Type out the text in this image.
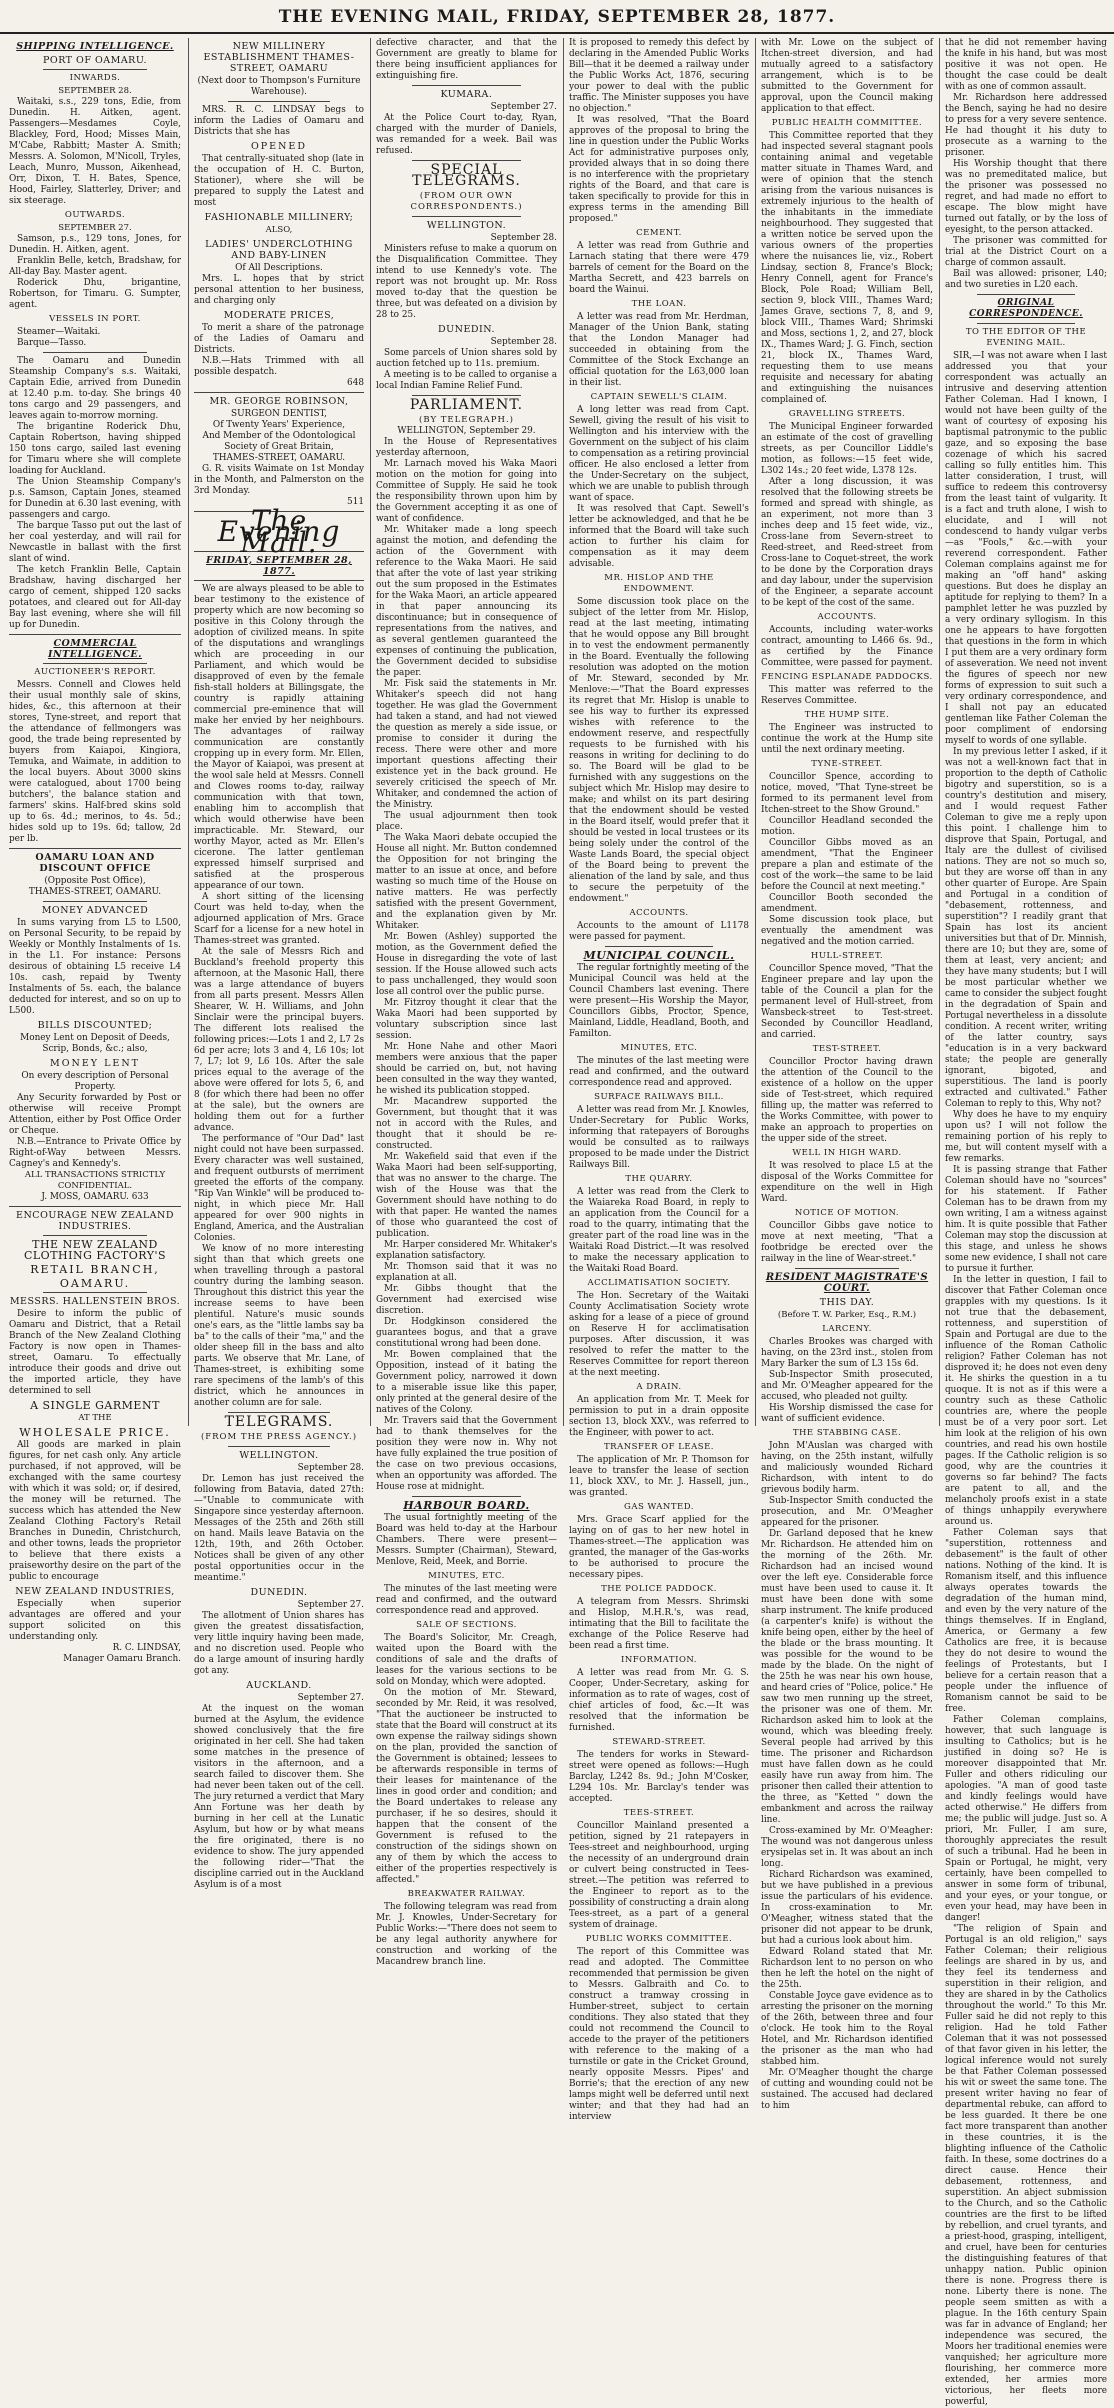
THE EVENING MAIL, FRIDAY, SEPTEMBER 28, 1877.
SHIPPING INTELLIGENCE.
PORT OF OAMARU.
INWARDS.
SEPTEMBER 28.

Waitaki, s.s., 229 tons, Edie, from Dunedin. H. Aitken, agent. Passengers—Mesdames Coyle, Blackley, Ford, Hood; Misses Main, M'Cabe, Rabbitt; Master A. Smith; Messrs. A. Solomon, M'Nicoll, Tryles, Leach, Munro, Musson, Aikenhead, Orr, Dixon, T. H. Bates, Spence, Hood, Fairley, Slatterley, Driver; and six steerage.

OUTWARDS.
SEPTEMBER 27.

Samson, p.s., 129 tons, Jones, for Dunedin. H. Aitken, agent.

Franklin Belle, ketch, Bradshaw, for All-day Bay. Master agent.

Roderick Dhu, brigantine, Robertson, for Timaru. G. Sumpter, agent.

VESSELS IN PORT.

Steamer—Waitaki.

Barque—Tasso.

The Oamaru and Dunedin Steamship Company's s.s. Waitaki, Captain Edie, arrived from Dunedin at 12.40 p.m. to-day. She brings 40 tons cargo and 29 passengers, and leaves again to-morrow morning.

The brigantine Roderick Dhu, Captain Robertson, having shipped 150 tons cargo, sailed last evening for Timaru where she will complete loading for Auckland.

The Union Steamship Company's p.s. Samson, Captain Jones, steamed for Dunedin at 6.30 last evening, with passengers and cargo.

The barque Tasso put out the last of her coal yesterday, and will rail for Newcastle in ballast with the first slant of wind.

The ketch Franklin Belle, Captain Bradshaw, having discharged her cargo of cement, shipped 120 sacks potatoes, and cleared out for All-day Bay last evening, where she will fill up for Dunedin.

COMMERCIAL INTELLIGENCE.
AUCTIONEER'S REPORT.

Messrs. Connell and Clowes held their usual monthly sale of skins, hides, &c., this afternoon at their stores, Tyne-street, and report that the attendance of fellmongers was good, the trade being represented by buyers from Kaiapoi, Kingiora, Temuka, and Waimate, in addition to the local buyers. About 3000 skins were catalogued, about 1700 being butchers', the balance station and farmers' skins. Half-bred skins sold up to 6s. 4d.; merinos, to 4s. 5d.; hides sold up to 19s. 6d; tallow, 2d per lb.

OAMARU LOAN AND DISCOUNT OFFICE
(Opposite Post Office),
THAMES-STREET, OAMARU.
MONEY ADVANCED

In sums varying from L5 to L500, on Personal Security, to be repaid by Weekly or Monthly Instalments of 1s. in the L1. For instance: Persons desirous of obtaining L5 receive L4 10s. cash, repaid by Twenty Instalments of 5s. each, the balance deducted for interest, and so on up to L500.

BILLS DISCOUNTED;
Money Lent on Deposit of Deeds, Scrip, Bonds, &c.; also,
MONEY LENT
On every description of Personal Property.

Any Security forwarded by Post or otherwise will receive Prompt Attention, either by Post Office Order or Cheque.

N.B.—Entrance to Private Office by Right-of-Way between Messrs. Cagney's and Kennedy's.

ALL TRANSACTIONS STRICTLY CONFIDENTIAL.
J. MOSS, OAMARU. 633
ENCOURAGE NEW ZEALAND INDUSTRIES.
THE NEW ZEALAND CLOTHING FACTORY'S
RETAIL BRANCH,
OAMARU.
MESSRS. HALLENSTEIN BROS.

Desire to inform the public of Oamaru and District, that a Retail Branch of the New Zealand Clothing Factory is now open in Thames-street, Oamaru. To effectually introduce their goods and drive out the imported article, they have determined to sell

A SINGLE GARMENT
AT THE
WHOLESALE PRICE.

All goods are marked in plain figures, for net cash only. Any article purchased, if not approved, will be exchanged with the same courtesy with which it was sold; or, if desired, the money will be returned. The success which has attended the New Zealand Clothing Factory's Retail Branches in Dunedin, Christchurch, and other towns, leads the proprietor to believe that there exists a praiseworthy desire on the part of the public to encourage

NEW ZEALAND INDUSTRIES,

Especially when superior advantages are offered and your support solicited on this understanding only.

R. C. LINDSAY,
Manager Oamaru Branch.
NEW MILLINERY ESTABLISHMENT THAMES-STREET, OAMARU
(Next door to Thompson's Furniture Warehouse).

MRS. R. C. LINDSAY begs to inform the Ladies of Oamaru and Districts that she has

OPENED

That centrally-situated shop (late in the occupation of H. C. Burton, Stationer), where she will be prepared to supply the Latest and most

FASHIONABLE MILLINERY;
ALSO,
LADIES' UNDERCLOTHING AND BABY-LINEN
Of All Descriptions.

Mrs. L. hopes that by strict personal attention to her business, and charging only

MODERATE PRICES,

To merit a share of the patronage of the Ladies of Oamaru and Districts.

N.B.—Hats Trimmed with all possible despatch.

648
MR. GEORGE ROBINSON,
SURGEON DENTIST,
Of Twenty Years' Experience,
And Member of the Odontological Society of Great Britain,
THAMES-STREET, OAMARU.

G. R. visits Waimate on 1st Monday in the Month, and Palmerston on the 3rd Monday.

511
The Evening Mail.
FRIDAY, SEPTEMBER 28, 1877.

We are always pleased to be able to bear testimony to the existence of property which are now becoming so positive in this Colony through the adoption of civilized means. In spite of the disputations and wranglings which are proceeding in our Parliament, and which would be disapproved of even by the female fish-stall holders at Billingsgate, the country is rapidly attaining commercial pre-eminence that will make her envied by her neighbours. The advantages of railway communication are constantly cropping up in every form. Mr. Ellen, the Mayor of Kaiapoi, was present at the wool sale held at Messrs. Connell and Clowes rooms to-day, railway communication with that town, enabling him to accomplish that which would otherwise have been impracticable. Mr. Steward, our worthy Mayor, acted as Mr. Ellen's cicerone. The latter gentleman expressed himself surprised and satisfied at the prosperous appearance of our town.

A short sitting of the licensing Court was held to-day, when the adjourned application of Mrs. Grace Scarf for a license for a new hotel in Thames-street was granted.

At the sale of Messrs Rich and Buckland's freehold property this afternoon, at the Masonic Hall, there was a large attendance of buyers from all parts present. Messrs Allen Shearer, W. H. Williams, and John Sinclair were the principal buyers. The different lots realised the following prices:—Lots 1 and 2, L7 2s 6d per acre; lots 3 and 4, L6 10s; lot 7, L7; lot 9, L6 10s. After the sale prices equal to the average of the above were offered for lots 5, 6, and 8 (for which there had been no offer at the sale), but the owners are holding them out for a further advance.

The performance of "Our Dad" last night could not have been surpassed. Every character was well sustained, and frequent outbursts of merriment greeted the efforts of the company. "Rip Van Winkle" will be produced to-night, in which piece Mr. Hall appeared for over 900 nights in England, America, and the Australian Colonies.

We know of no more interesting sight than that which greets one when travelling through a pastoral country during the lambing season. Throughout this district this year the increase seems to have been plentiful. Nature's music sounds one's ears, as the "little lambs say ba ba" to the calls of their "ma," and the older sheep fill in the bass and alto parts. We observe that Mr. Lane, of Thames-street, is exhibiting some rare specimens of the lamb's of this district, which he announces in another column are for sale.

TELEGRAMS.
(FROM THE PRESS AGENCY.)
WELLINGTON.
September 28.

Dr. Lemon has just received the following from Batavia, dated 27th:—"Unable to communicate with Singapore since yesterday afternoon. Messages of the 25th and 26th still on hand. Mails leave Batavia on the 12th, 19th, and 26th October. Notices shall be given of any other postal opportunities occur in the meantime."

DUNEDIN.
September 27.

The allotment of Union shares has given the greatest dissatisfaction, very little inquiry having been made, and no discretion used. People who do a large amount of insuring hardly got any.

AUCKLAND.
September 27.

At the inquest on the woman burned at the Asylum, the evidence showed conclusively that the fire originated in her cell. She had taken some matches in the presence of visitors in the afternoon, and a search failed to discover them. She had never been taken out of the cell. The jury returned a verdict that Mary Ann Fortune was her death by burning in her cell at the Lunatic Asylum, but how or by what means the fire originated, there is no evidence to show. The jury appended the following rider—"That the discipline carried out in the Auckland Asylum is of a most

defective character, and that the Government are greatly to blame for there being insufficient appliances for extinguishing fire.

KUMARA.
September 27.

At the Police Court to-day, Ryan, charged with the murder of Daniels, was remanded for a week. Bail was refused.

SPECIAL TELEGRAMS.
(FROM OUR OWN CORRESPONDENTS.)
WELLINGTON.
September 28.

Ministers refuse to make a quorum on the Disqualification Committee. They intend to use Kennedy's vote. The report was not brought up. Mr. Ross moved to-day that the question be three, but was defeated on a division by 28 to 25.

DUNEDIN.
September 28.

Some parcels of Union shares sold by auction fetched up to 11s. premium.

A meeting is to be called to organise a local Indian Famine Relief Fund.

PARLIAMENT.
(BY TELEGRAPH.)
WELLINGTON, September 29.

In the House of Representatives yesterday afternoon,

Mr. Larnach moved his Waka Maori motion on the motion for going into Committee of Supply. He said he took the responsibility thrown upon him by the Government accepting it as one of want of confidence.

Mr. Whitaker made a long speech against the motion, and defending the action of the Government with reference to the Waka Maori. He said that after the vote of last year striking out the sum proposed in the Estimates for the Waka Maori, an article appeared in that paper announcing its discontinuance; but in consequence of representations from the natives, and as several gentlemen guaranteed the expenses of continuing the publication, the Government decided to subsidise the paper.

Mr. Fisk said the statements in Mr. Whitaker's speech did not hang together. He was glad the Government had taken a stand, and had not viewed the question as merely a side issue, or promise to consider it during the recess. There were other and more important questions affecting their existence yet in the back ground. He severely criticised the speech of Mr. Whitaker, and condemned the action of the Ministry.

The usual adjournment then took place.

The Waka Maori debate occupied the House all night. Mr. Button condemned the Opposition for not bringing the matter to an issue at once, and before wasting so much time of the House on native matters. He was perfectly satisfied with the present Government, and the explanation given by Mr. Whitaker.

Mr. Bowen (Ashley) supported the motion, as the Government defied the House in disregarding the vote of last session. If the House allowed such acts to pass unchallenged, they would soon lose all control over the public purse.

Mr. Fitzroy thought it clear that the Waka Maori had been supported by voluntary subscription since last session.

Mr. Hone Nahe and other Maori members were anxious that the paper should be carried on, but, not having been consulted in the way they wanted, he wished its publication stopped.

Mr. Macandrew supported the Government, but thought that it was not in accord with the Rules, and thought that it should be re-constructed.

Mr. Wakefield said that even if the Waka Maori had been self-supporting, that was no answer to the charge. The wish of the House was that the Government should have nothing to do with that paper. He wanted the names of those who guaranteed the cost of publication.

Mr. Harper considered Mr. Whitaker's explanation satisfactory.

Mr. Thomson said that it was no explanation at all.

Mr. Gibbs thought that the Government had exercised wise discretion.

Dr. Hodgkinson considered the guarantees bogus, and that a grave constitutional wrong had been done.

Mr. Bowen complained that the Opposition, instead of it bating the Government policy, narrowed it down to a miserable issue like this paper, only printed at the general desire of the natives of the Colony.

Mr. Travers said that the Government had to thank themselves for the position they were now in. Why not have fully explained the true position of the case on two previous occasions, when an opportunity was afforded. The House rose at midnight.

HARBOUR BOARD.

The usual fortnightly meeting of the Board was held to-day at the Harbour Chambers. There were present—Messrs. Sumpter (Chairman), Steward, Menlove, Reid, Meek, and Borrie.

MINUTES, ETC.

The minutes of the last meeting were read and confirmed, and the outward correspondence read and approved.

SALE OF SECTIONS.

The Board's Solicitor, Mr. Creagh, waited upon the Board with the conditions of sale and the drafts of leases for the various sections to be sold on Monday, which were adopted.

On the motion of Mr. Steward, seconded by Mr. Reid, it was resolved, "That the auctioneer be instructed to state that the Board will construct at its own expense the railway sidings shown on the plan, provided the sanction of the Government is obtained; lessees to be afterwards responsible in terms of their leases for maintenance of the lines in good order and condition; and the Board undertakes to release any purchaser, if he so desires, should it happen that the consent of the Government is refused to the construction of the sidings shown on any of them by which the access to either of the properties respectively is affected."

BREAKWATER RAILWAY.

The following telegram was read from Mr. J. Knowles, Under-Secretary for Public Works:—"There does not seem to be any legal authority anywhere for construction and working of the Macandrew branch line.

It is proposed to remedy this defect by declaring in the Amended Public Works Bill—that it be deemed a railway under the Public Works Act, 1876, securing your power to deal with the public traffic. The Minister supposes you have no objection."

It was resolved, "That the Board approves of the proposal to bring the line in question under the Public Works Act for administrative purposes only, provided always that in so doing there is no interference with the proprietary rights of the Board, and that care is taken specifically to provide for this in express terms in the amending Bill proposed."

CEMENT.

A letter was read from Guthrie and Larnach stating that there were 479 barrels of cement for the Board on the Martha Secrett, and 423 barrels on board the Wainui.

THE LOAN.

A letter was read from Mr. Herdman, Manager of the Union Bank, stating that the London Manager had succeeded in obtaining from the Committee of the Stock Exchange an official quotation for the L63,000 loan in their list.

CAPTAIN SEWELL'S CLAIM.

A long letter was read from Capt. Sewell, giving the result of his visit to Wellington and his interview with the Government on the subject of his claim to compensation as a retiring provincial officer. He also enclosed a letter from the Under-Secretary on the subject, which we are unable to publish through want of space.

It was resolved that Capt. Sewell's letter be acknowledged, and that he be informed that the Board will take such action to further his claim for compensation as it may deem advisable.

MR. HISLOP AND THE ENDOWMENT.

Some discussion took place on the subject of the letter from Mr. Hislop, read at the last meeting, intimating that he would oppose any Bill brought in to vest the endowment permanently in the Board. Eventually the following resolution was adopted on the motion of Mr. Steward, seconded by Mr. Menlove:—"That the Board expresses its regret that Mr. Hislop is unable to see his way to further its expressed wishes with reference to the endowment reserve, and respectfully requests to be furnished with his reasons in writing for declining to do so. The Board will be glad to be furnished with any suggestions on the subject which Mr. Hislop may desire to make; and whilst on its part desiring that the endowment should be vested in the Board itself, would prefer that it should be vested in local trustees or its being solely under the control of the Waste Lands Board, the special object of the Board being to prevent the alienation of the land by sale, and thus to secure the perpetuity of the endowment."

ACCOUNTS.

Accounts to the amount of L1178 were passed for payment.

MUNICIPAL COUNCIL.

The regular fortnightly meeting of the Municipal Council was held at the Council Chambers last evening. There were present—His Worship the Mayor, Councillors Gibbs, Proctor, Spence, Mainland, Liddle, Headland, Booth, and Familton.

MINUTES, ETC.

The minutes of the last meeting were read and confirmed, and the outward correspondence read and approved.

SURFACE RAILWAYS BILL.

A letter was read from Mr. J. Knowles, Under-Secretary for Public Works, informing that ratepayers of Boroughs would be consulted as to railways proposed to be made under the District Railways Bill.

THE QUARRY.

A letter was read from the Clerk to the Waiareka Road Board, in reply to an application from the Council for a road to the quarry, intimating that the greater part of the road line was in the Waitaki Road District.—It was resolved to make the necessary application to the Waitaki Road Board.

ACCLIMATISATION SOCIETY.

The Hon. Secretary of the Waitaki County Acclimatisation Society wrote asking for a lease of a piece of ground on Reserve H for acclimatisation purposes. After discussion, it was resolved to refer the matter to the Reserves Committee for report thereon at the next meeting.

A DRAIN.

An application from Mr. T. Meek for permission to put in a drain opposite section 13, block XXV., was referred to the Engineer, with power to act.

TRANSFER OF LEASE.

The application of Mr. P. Thomson for leave to transfer the lease of section 11, block XXV., to Mr. J. Hassell, jun., was granted.

GAS WANTED.

Mrs. Grace Scarf applied for the laying on of gas to her new hotel in Thames-street.—The application was granted, the manager of the Gas-works to be authorised to procure the necessary pipes.

THE POLICE PADDOCK.

A telegram from Messrs. Shrimski and Hislop, M.H.R.'s, was read, intimating that the Bill to facilitate the exchange of the Police Reserve had been read a first time.

INFORMATION.

A letter was read from Mr. G. S. Cooper, Under-Secretary, asking for information as to rate of wages, cost of chief articles of food, &c.—It was resolved that the information be furnished.

STEWARD-STREET.

The tenders for works in Steward-street were opened as follows:—Hugh Barclay, L242 8s. 9d.; John M'Cosker, L294 10s. Mr. Barclay's tender was accepted.

TEES-STREET.

Councillor Mainland presented a petition, signed by 21 ratepayers in Tees-street and neighbourhood, urging the necessity of an underground drain or culvert being constructed in Tees-street.—The petition was referred to the Engineer to report as to the possibility of constructing a drain along Tees-street, as a part of a general system of drainage.

PUBLIC WORKS COMMITTEE.

The report of this Committee was read and adopted. The Committee recommended that permission be given to Messrs. Galbraith and Co. to construct a tramway crossing in Humber-street, subject to certain conditions. They also stated that they could not recommend the Council to accede to the prayer of the petitioners with reference to the making of a turnstile or gate in the Cricket Ground, nearly opposite Messrs. Pipes' and Borrie's; that the erection of any new lamps might well be deferred until next winter; and that they had had an interview

with Mr. Lowe on the subject of Itchen-street diversion, and had mutually agreed to a satisfactory arrangement, which is to be submitted to the Government for approval, upon the Council making application to that effect.

PUBLIC HEALTH COMMITTEE.

This Committee reported that they had inspected several stagnant pools containing animal and vegetable matter situate in Thames Ward, and were of opinion that the stench arising from the various nuisances is extremely injurious to the health of the inhabitants in the immediate neighbourhood. They suggested that a written notice be served upon the various owners of the properties where the nuisances lie, viz., Robert Lindsay, section 8, France's Block; Henry Connell, agent for France's Block, Pole Road; William Bell, section 9, block VIII., Thames Ward; James Grave, sections 7, 8, and 9, block VIII., Thames Ward; Shrimski and Moss, sections 1, 2, and 27, block IX., Thames Ward; J. G. Finch, section 21, block IX., Thames Ward, requesting them to use means requisite and necessary for abating and extinguishing the nuisances complained of.

GRAVELLING STREETS.

The Municipal Engineer forwarded an estimate of the cost of gravelling streets, as per Councillor Liddle's motion, as follows:—15 feet wide, L302 14s.; 20 feet wide, L378 12s.

After a long discussion, it was resolved that the following streets be formed and spread with shingle, as an experiment, not more than 3 inches deep and 15 feet wide, viz., Cross-lane from Severn-street to Reed-street, and Reed-street from Cross-lane to Coquet-street, the work to be done by the Corporation drays and day labour, under the supervision of the Engineer, a separate account to be kept of the cost of the same.

ACCOUNTS.

Accounts, including water-works contract, amounting to L466 6s. 9d., as certified by the Finance Committee, were passed for payment.

FENCING ESPLANADE PADDOCKS.

This matter was referred to the Reserves Committee.

THE HUMP SITE.

The Engineer was instructed to continue the work at the Hump site until the next ordinary meeting.

TYNE-STREET.

Councillor Spence, according to notice, moved, "That Tyne-street be formed to its permanent level from Itchen-street to the Show Ground."

Councillor Headland seconded the motion.

Councillor Gibbs moved as an amendment, "That the Engineer prepare a plan and estimate of the cost of the work—the same to be laid before the Council at next meeting."

Councillor Booth seconded the amendment.

Some discussion took place, but eventually the amendment was negatived and the motion carried.

HULL-STREET.

Councillor Spence moved, "That the Engineer prepare and lay upon the table of the Council a plan for the permanent level of Hull-street, from Wansbeck-street to Test-street. Seconded by Councillor Headland, and carried.

TEST-STREET.

Councillor Proctor having drawn the attention of the Council to the existence of a hollow on the upper side of Test-street, which required filling up, the matter was referred to the Works Committee, with power to make an approach to properties on the upper side of the street.

WELL IN HIGH WARD.

It was resolved to place L5 at the disposal of the Works Committee for expenditure on the well in High Ward.

NOTICE OF MOTION.

Councillor Gibbs gave notice to move at next meeting, "That a footbridge be erected over the railway in the line of Wear-street."

RESIDENT MAGISTRATE'S COURT.
THIS DAY.
(Before T. W. Parker, Esq., R.M.)
LARCENY.

Charles Brookes was charged with having, on the 23rd inst., stolen from Mary Barker the sum of L3 15s 6d.

Sub-Inspector Smith prosecuted, and Mr. O'Meagher appeared for the accused, who pleaded not guilty.

His Worship dismissed the case for want of sufficient evidence.

THE STABBING CASE.

John M'Auslan was charged with having, on the 25th instant, wilfully and maliciously wounded Richard Richardson, with intent to do grievous bodily harm.

Sub-Inspector Smith conducted the prosecution, and Mr. O'Meagher appeared for the prisoner.

Dr. Garland deposed that he knew Mr. Richardson. He attended him on the morning of the 26th. Mr. Richardson had an incised wound over the left eye. Considerable force must have been used to cause it. It must have been done with some sharp instrument. The knife produced (a carpenter's knife) is without the knife being open, either by the heel of the blade or the brass mounting. It was possible for the wound to be made by the blade. On the night of the 25th he was near his own house, and heard cries of "Police, police." He saw two men running up the street, the prisoner was one of them. Mr. Richardson asked him to look at the wound, which was bleeding freely. Several people had arrived by this time. The prisoner and Richardson must have fallen down as he could easily have run away from him. The prisoner then called their attention to the three, as "Ketted " down the embankment and across the railway line.

Cross-examined by Mr. O'Meagher: The wound was not dangerous unless erysipelas set in. It was about an inch long.

Richard Richardson was examined, but we have published in a previous issue the particulars of his evidence. In cross-examination to Mr. O'Meagher, witness stated that the prisoner did not appear to be drunk, but had a curious look about him.

Edward Roland stated that Mr. Richardson lent to no person on who then he left the hotel on the night of the 25th.

Constable Joyce gave evidence as to arresting the prisoner on the morning of the 26th, between three and four o'clock. He took him to the Royal Hotel, and Mr. Richardson identified the prisoner as the man who had stabbed him.

Mr. O'Meagher thought the charge of cutting and wounding could not be sustained. The accused had declared to him

that he did not remember having the knife in his hand, but was most positive it was not open. He thought the case could be dealt with as one of common assault.

Mr. Richardson here addressed the Bench, saying he had no desire to press for a very severe sentence. He had thought it his duty to prosecute as a warning to the prisoner.

His Worship thought that there was no premeditated malice, but the prisoner was possessed no regret, and had made no effort to escape. The blow might have turned out fatally, or by the loss of eyesight, to the person attacked.

The prisoner was committed for trial at the District Court on a charge of common assault.

Bail was allowed: prisoner, L40; and two sureties in L20 each.

ORIGINAL CORRESPONDENCE.
TO THE EDITOR OF THE EVENING MAIL.

SIR,—I was not aware when I last addressed you that your correspondent was actually an intrusive and deserving attention Father Coleman. Had I known, I would not have been guilty of the want of courtesy of exposing his baptismal patronymic to the public gaze, and so exposing the base cozenage of which his sacred calling so fully entitles him. This latter consideration, I trust, will suffice to redeem this controversy from the least taint of vulgarity. It is a fact and truth alone, I wish to elucidate, and I will not condescend to handy vulgar verbs—as "Fools," &c.—with your reverend correspondent. Father Coleman complains against me for making an "off hand" asking questions. But does he display an aptitude for replying to them? In a pamphlet letter he was puzzled by a very ordinary syllogism. In this one he appears to have forgotten that questions in the form in which I put them are a very ordinary form of asseveration. We need not invent the figures of speech nor new forms of expression to suit such a very ordinary correspondence, and I shall not pay an educated gentleman like Father Coleman the poor compliment of endorsing myself to words of one syllable.

In my previous letter I asked, if it was not a well-known fact that in proportion to the depth of Catholic bigotry and superstition, so is a country's destitution and misery, and I would request Father Coleman to give me a reply upon this point. I challenge him to disprove that Spain, Portugal, and Italy are the dullest of civilised nations. They are not so much so, but they are worse off than in any other quarter of Europe. Are Spain and Portugal in a condition of "debasement, rottenness, and superstition"? I readily grant that Spain has lost its ancient universities but that of Dr. Minnish, there are 10; but they are, some of them at least, very ancient; and they have many students; but I will be most particular whether we came to consider the subject fought in the degradation of Spain and Portugal nevertheless in a dissolute condition. A recent writer, writing of the latter country, says "education is in a very backward state; the people are generally ignorant, bigoted, and superstitious. The land is poorly extracted and cultivated." Father Coleman to reply to this, Why not?

Why does he have to my enquiry upon us? I will not follow the remaining portion of his reply to me, but will content myself with a few remarks.

It is passing strange that Father Coleman should have no "sources" for his statement. If Father Coleman has to be drawn from my own writing, I am a witness against him. It is quite possible that Father Coleman may stop the discussion at this stage, and unless he shows some new evidence, I shall not care to pursue it further.

In the letter in question, I fail to discover that Father Coleman once grapples with my questions. Is it not true that the debasement, rottenness, and superstition of Spain and Portugal are due to the influence of the Roman Catholic religion? Father Coleman has not disproved it; he does not even deny it. He shirks the question in a tu quoque. It is not as if this were a country such as these Catholic countries are, where the people must be of a very poor sort. Let him look at the religion of his own countries, and read his own hostile pages. If the Catholic religion is so good, why are the countries it governs so far behind? The facts are patent to all, and the melancholy proofs exist in a state of things unhappily everywhere around us.

Father Coleman says that "superstition, rottenness and debasement" is the fault of other nations. Nothing of the kind. It is Romanism itself, and this influence always operates towards the degradation of the human mind, and even by the very nature of the things themselves. If in England, America, or Germany a few Catholics are free, it is because they do not desire to wound the feelings of Protestants, but I believe for a certain reason that a people under the influence of Romanism cannot be said to be free.

Father Coleman complains, however, that such language is insulting to Catholics; but is he justified in doing so? He is moreover disappointed that Mr. Fuller and others ridiculing our apologies. "A man of good taste and kindly feelings would have acted otherwise." He differs from me; the public will judge. Just so. A priori, Mr. Fuller, I am sure, thoroughly appreciates the result of such a tribunal. Had he been in Spain or Portugal, he might, very certainly, have been compelled to answer in some form of tribunal, and your eyes, or your tongue, or even your head, may have been in danger!

"The religion of Spain and Portugal is an old religion," says Father Coleman; their religious feelings are shared in by us, and they feel its tenderness and superstition in their religion, and they are shared in by the Catholics throughout the world." To this Mr. Fuller said he did not reply to this religion. Had he told Father Coleman that it was not possessed of that favor given in his letter, the logical inference would not surely be that Father Coleman possessed his wit or sweet the same tone. The present writer having no fear of departmental rebuke, can afford to be less guarded. It there be one fact more transparent than another in these countries, it is the blighting influence of the Catholic faith. In these, some doctrines do a direct cause. Hence their debasement, rottenness, and superstition. An abject submission to the Church, and so the Catholic countries are the first to be lifted by rebellion, and cruel tyrants, and a priest-hood, grasping, intelligent, and cruel, have been for centuries the distinguishing features of that unhappy nation. Public opinion there is none. Progress there is none. Liberty there is none. The people seem smitten as with a plague. In the 16th century Spain was far in advance of England; her independence was secured, the Moors her traditional enemies were vanquished; her agriculture more flourishing, her commerce more extended, her armies more victorious, her fleets more powerful,
